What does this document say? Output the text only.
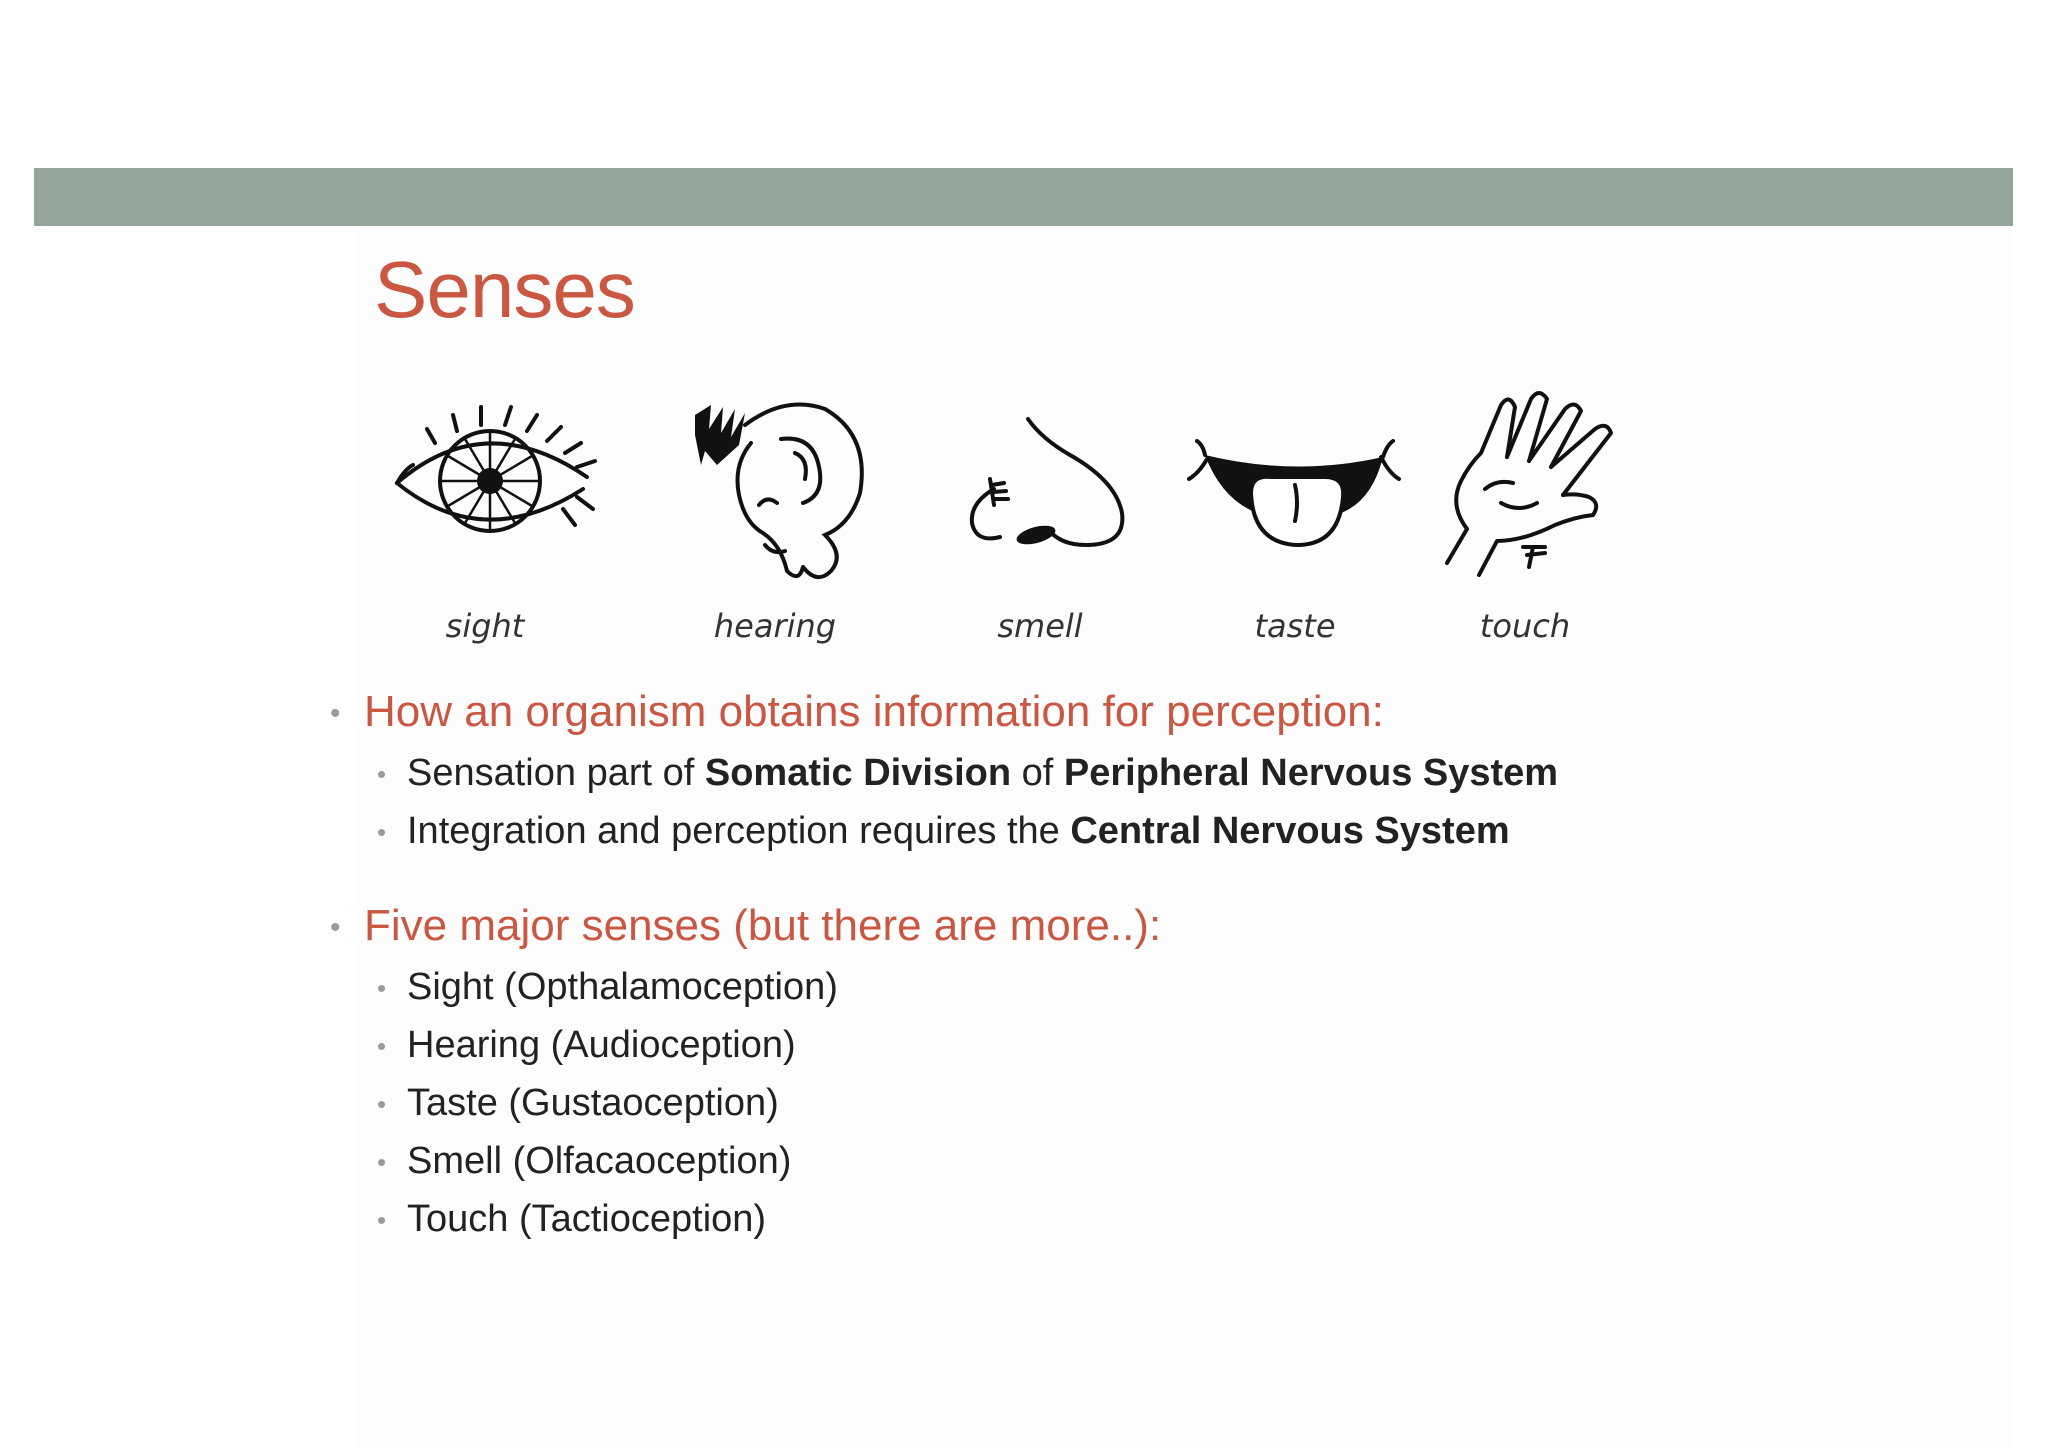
Senses
sight	hearing	smell	taste	touch
• How an organism obtains information for perception:
• Sensation part of Somatic Division of Peripheral Nervous System
• Integration and perception requires the Central Nervous System
• Five major senses (but there are more..):
• Sight (Opthalamoception)
• Hearing (Audioception)
• Taste (Gustaoception)
• Smell (Olfacaoception)
• Touch (Tactioception)
